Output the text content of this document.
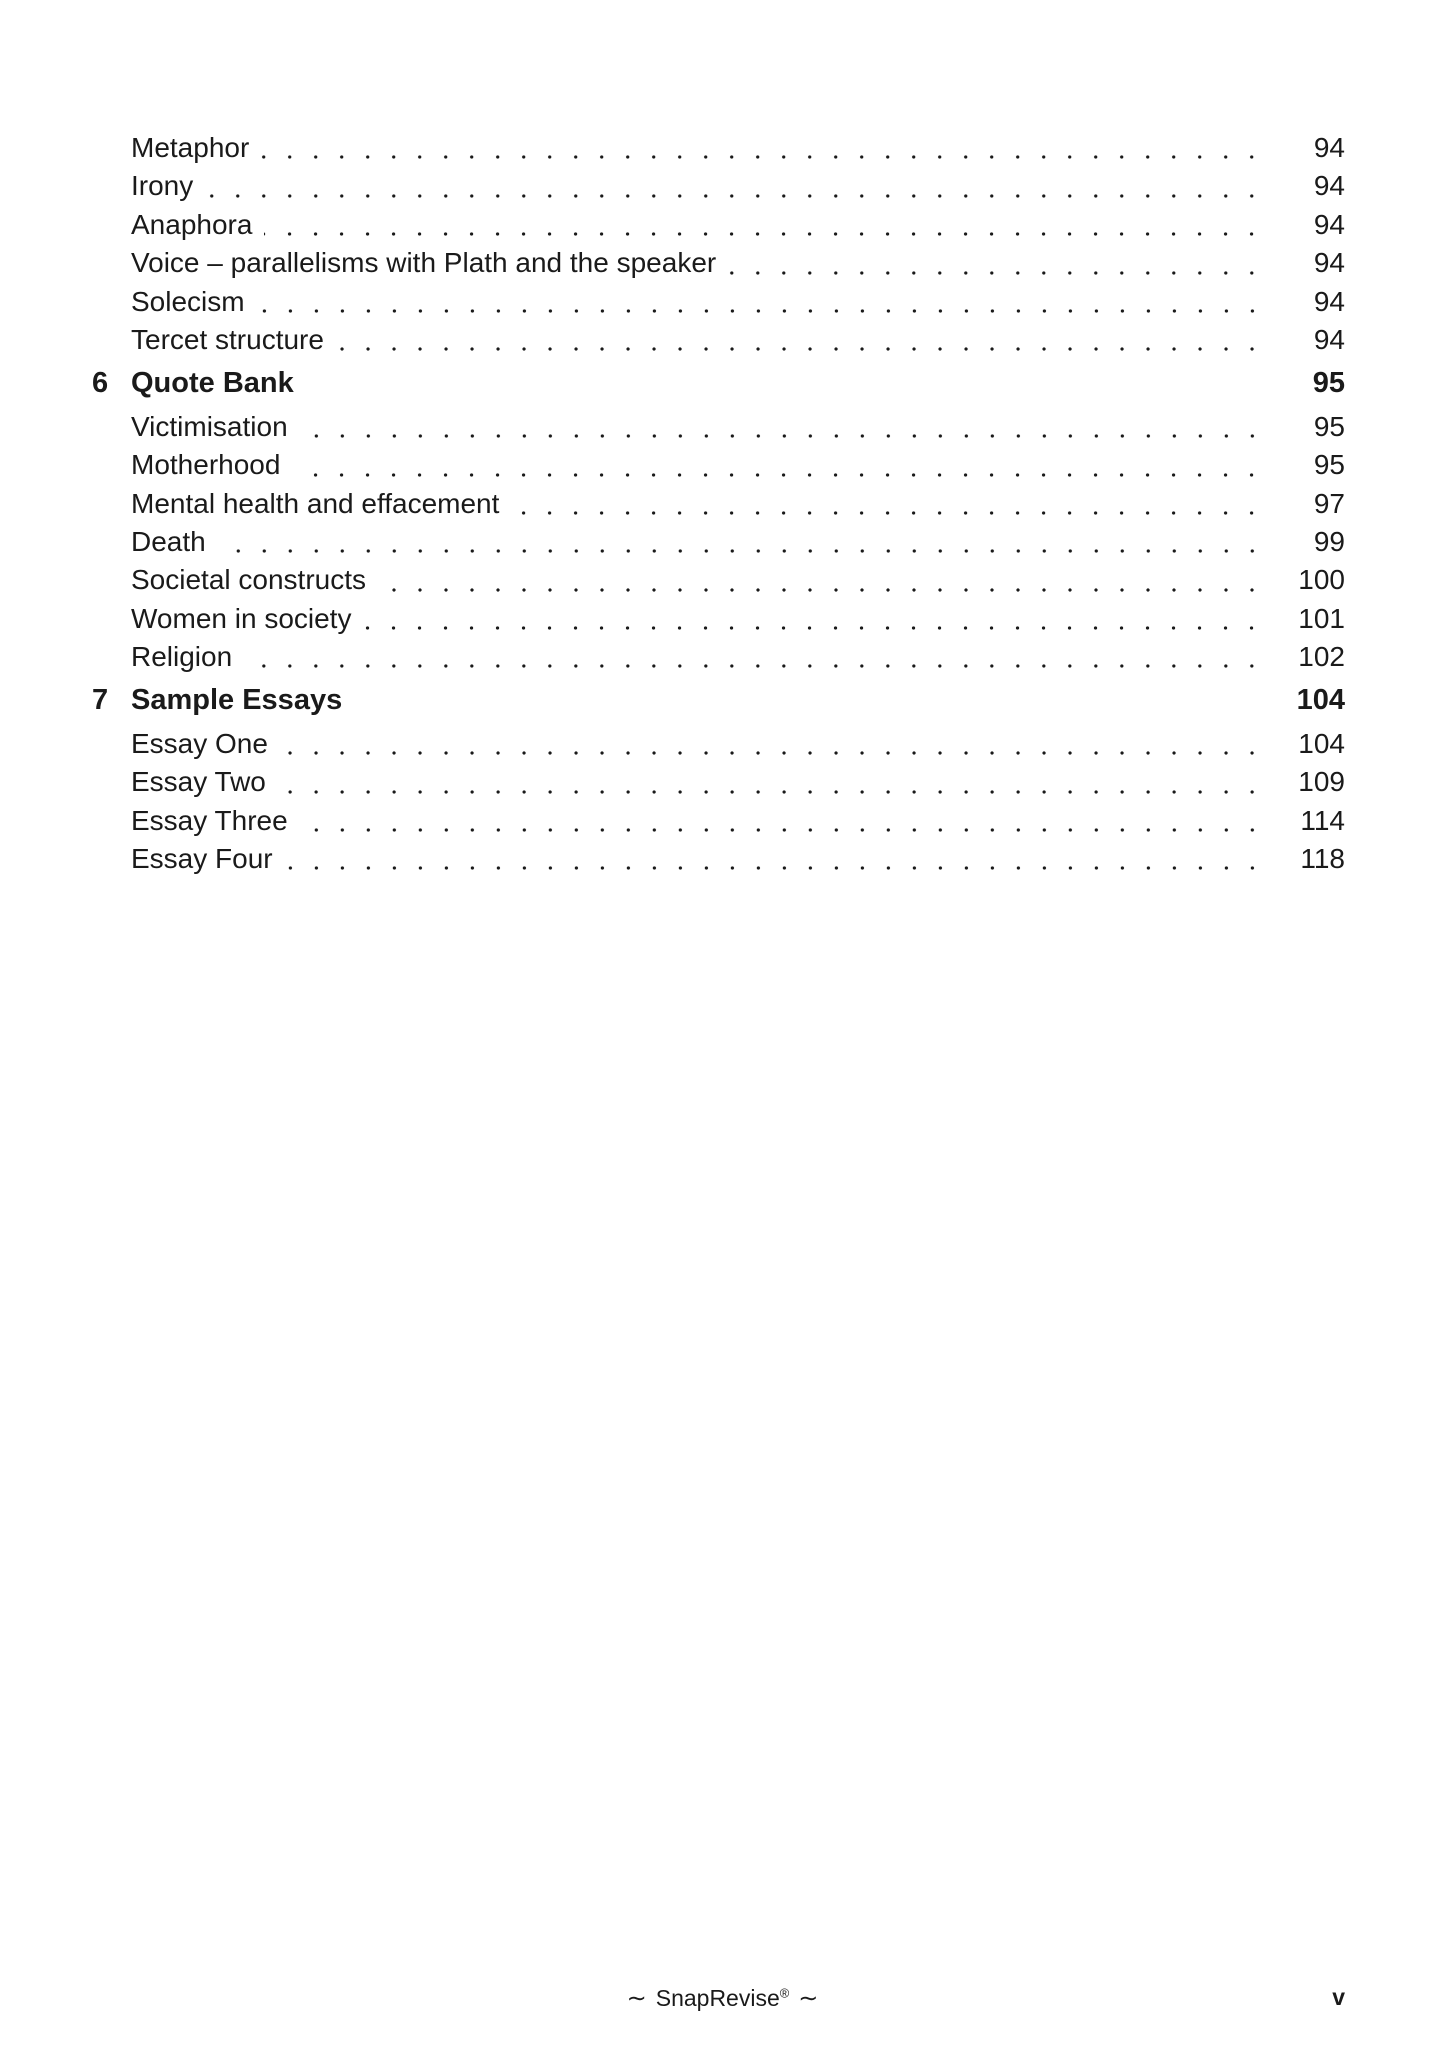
Metaphor	94
Irony	94
Anaphora	94
Voice – parallelisms with Plath and the speaker	94
Solecism	94
Tercet structure	94
6 Quote Bank	95
Victimisation	95
Motherhood	95
Mental health and effacement	97
Death	99
Societal constructs	100
Women in society	101
Religion	102
7 Sample Essays	104
Essay One	104
Essay Two	109
Essay Three	114
Essay Four	118
∼ SnapRevise® ∼	v
